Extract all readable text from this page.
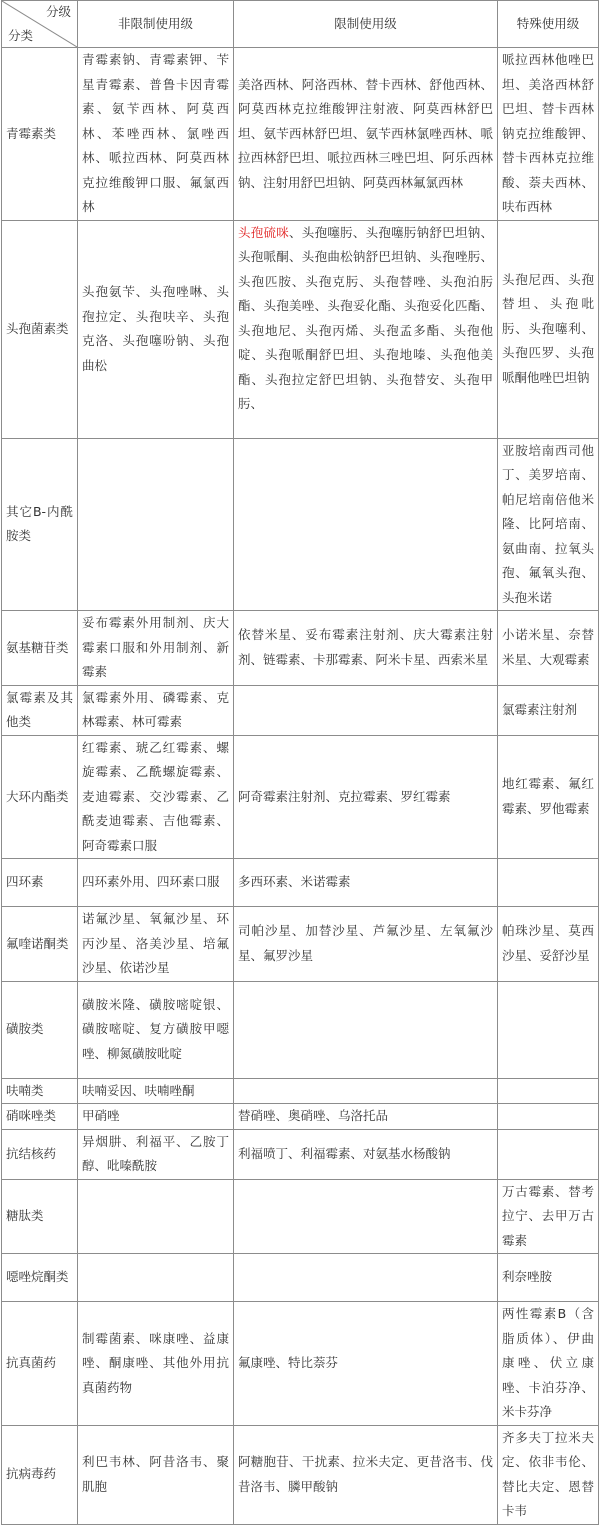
分级
分类	非限制使用级	限制使用级	特殊使用级
青霉素类	青霉素钠、青霉素钾、苄星青霉素、普鲁卡因青霉素、氨苄西林、阿莫西林、苯唑西林、氯唑西林、哌拉西林、阿莫西林克拉维酸钾口服、氟氯西林	美洛西林、阿洛西林、替卡西林、舒他西林、阿莫西林克拉维酸钾注射液、阿莫西林舒巴坦、氨苄西林舒巴坦、氨苄西林氯唑西林、哌拉西林舒巴坦、哌拉西林三唑巴坦、阿乐西林钠、注射用舒巴坦钠、阿莫西林氟氯西林	哌拉西林他唑巴坦、美洛西林舒巴坦、替卡西林钠克拉维酸钾、替卡西林克拉维酸、萘夫西林、呋布西林
头孢菌素类	头孢氨苄、头孢唑啉、头孢拉定、头孢呋辛、头孢克洛、头孢噻吩钠、头孢曲松	头孢硫咪、头孢噻肟、头孢噻肟钠舒巴坦钠、头孢哌酮、头孢曲松钠舒巴坦钠、头孢唑肟、头孢匹胺、头孢克肟、头孢替唑、头孢泊肟酯、头孢美唑、头孢妥化酯、头孢妥化匹酯、头孢地尼、头孢丙烯、头孢孟多酯、头孢他啶、头孢哌酮舒巴坦、头孢地嗪、头孢他美酯、头孢拉定舒巴坦钠、头孢替安、头孢甲肟、	头孢尼西、头孢替坦、头孢吡肟、头孢噻利、头孢匹罗、头孢哌酮他唑巴坦钠
其它B-内酰胺类			亚胺培南西司他丁、美罗培南、帕尼培南倍他米隆、比阿培南、氨曲南、拉氧头孢、氟氧头孢、头孢米诺
氨基糖苷类	妥布霉素外用制剂、庆大霉素口服和外用制剂、新霉素	依替米星、妥布霉素注射剂、庆大霉素注射剂、链霉素、卡那霉素、阿米卡星、西索米星	小诺米星、奈替米星、大观霉素
氯霉素及其他类	氯霉素外用、磷霉素、克林霉素、林可霉素		氯霉素注射剂
大环内酯类	红霉素、琥乙红霉素、螺旋霉素、乙酰螺旋霉素、麦迪霉素、交沙霉素、乙酰麦迪霉素、吉他霉素、阿奇霉素口服	阿奇霉素注射剂、克拉霉素、罗红霉素	地红霉素、氟红霉素、罗他霉素
四环素	四环素外用、四环素口服	多西环素、米诺霉素	
氟喹诺酮类	诺氟沙星、氧氟沙星、环丙沙星、洛美沙星、培氟沙星、依诺沙星	司帕沙星、加替沙星、芦氟沙星、左氧氟沙星、氟罗沙星	帕珠沙星、莫西沙星、妥舒沙星
磺胺类	磺胺米隆、磺胺嘧啶银、磺胺嘧啶、复方磺胺甲噁唑、柳氮磺胺吡啶		
呋喃类	呋喃妥因、呋喃唑酮		
硝咪唑类	甲硝唑	替硝唑、奥硝唑、乌洛托品	
抗结核药	异烟肼、利福平、乙胺丁醇、吡嗪酰胺	利福喷丁、利福霉素、对氨基水杨酸钠	
糖肽类			万古霉素、替考拉宁、去甲万古霉素
噁唑烷酮类			利奈唑胺
抗真菌药	制霉菌素、咪康唑、益康唑、酮康唑、其他外用抗真菌药物	氟康唑、特比萘芬	两性霉素B（含脂质体）、伊曲康唑、伏立康唑、卡泊芬净、米卡芬净
抗病毒药	利巴韦林、阿昔洛韦、聚肌胞	阿糖胞苷、干扰素、拉米夫定、更昔洛韦、伐昔洛韦、膦甲酸钠	齐多夫丁拉米夫定、依非韦伦、替比夫定、恩替卡韦
